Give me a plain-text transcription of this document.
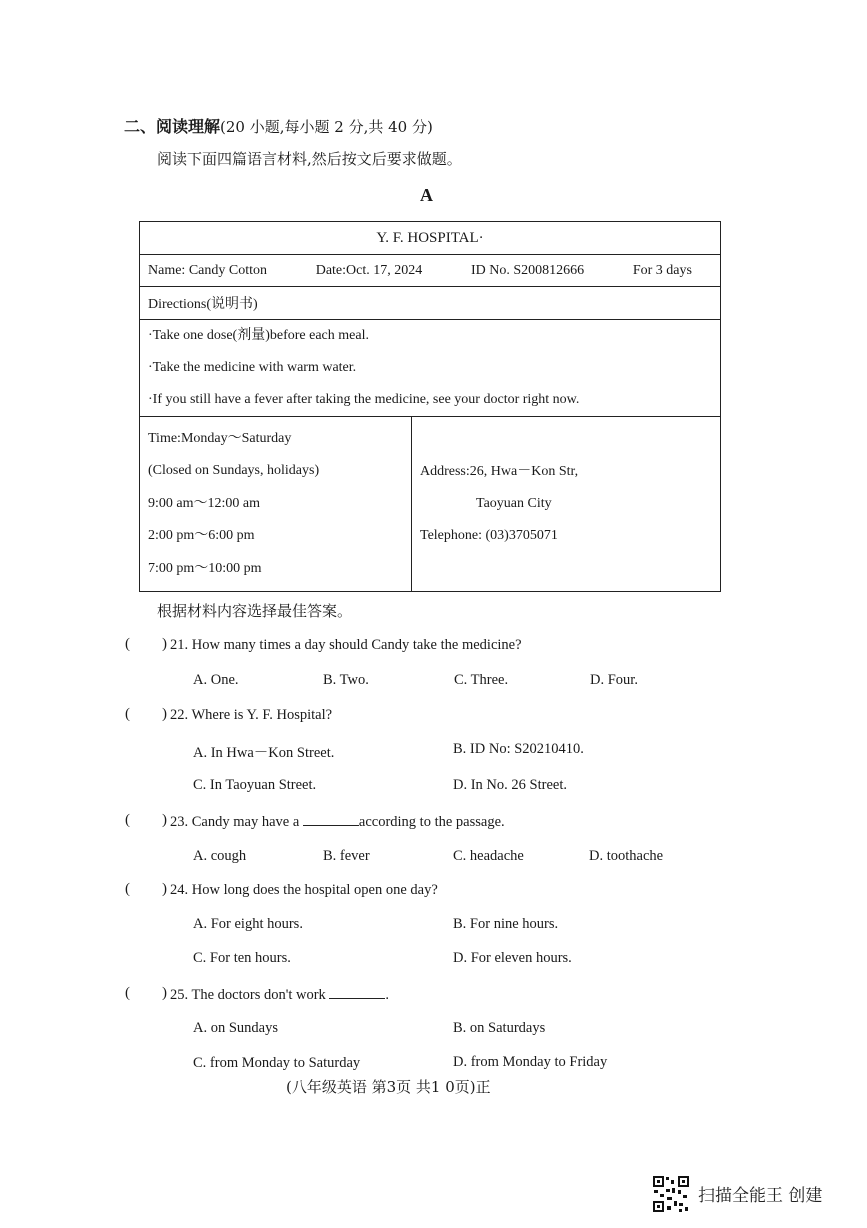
二、阅读理解(20 小题,每小题 2 分,共 40 分)
阅读下面四篇语言材料,然后按文后要求做题。
A
Y. F. HOSPITAL·

Name: Candy Cotton	Date:Oct. 17, 2024	ID No. S200812666	For 3 days

Directions(说明书)

·Take one dose(剂量)before each meal.
·Take the medicine with warm water.
·If you still have a fever after taking the medicine, see your doctor right now.

Time:Monday～Saturday
(Closed on Sundays, holidays)
9:00 am～12:00 am
2:00 pm～6:00 pm
7:00 pm～10:00 pm

Address:26, Hwa－Kon Str,
Taoyuan City
Telephone: (03)3705071
根据材料内容选择最佳答案。
( ) 21. How many times a day should Candy take the medicine?
A. One.	B. Two.	C. Three.	D. Four.
( ) 22. Where is Y. F. Hospital?
A. In Hwa－Kon Street.	B. ID No: S20210410.
C. In Taoyuan Street.	D. In No. 26 Street.
( ) 23. Candy may have a	according to the passage.
A. cough	B. fever	C. headache	D. toothache
( ) 24. How long does the hospital open one day?
A. For eight hours.	B. For nine hours.
C. For ten hours.	D. For eleven hours.
( ) 25. The doctors don't work	.
A. on Sundays	B. on Saturdays
C. from Monday to Saturday	D. from Monday to Friday
(八年级英语 第3页 共1 0页)正
扫描全能王 创建
